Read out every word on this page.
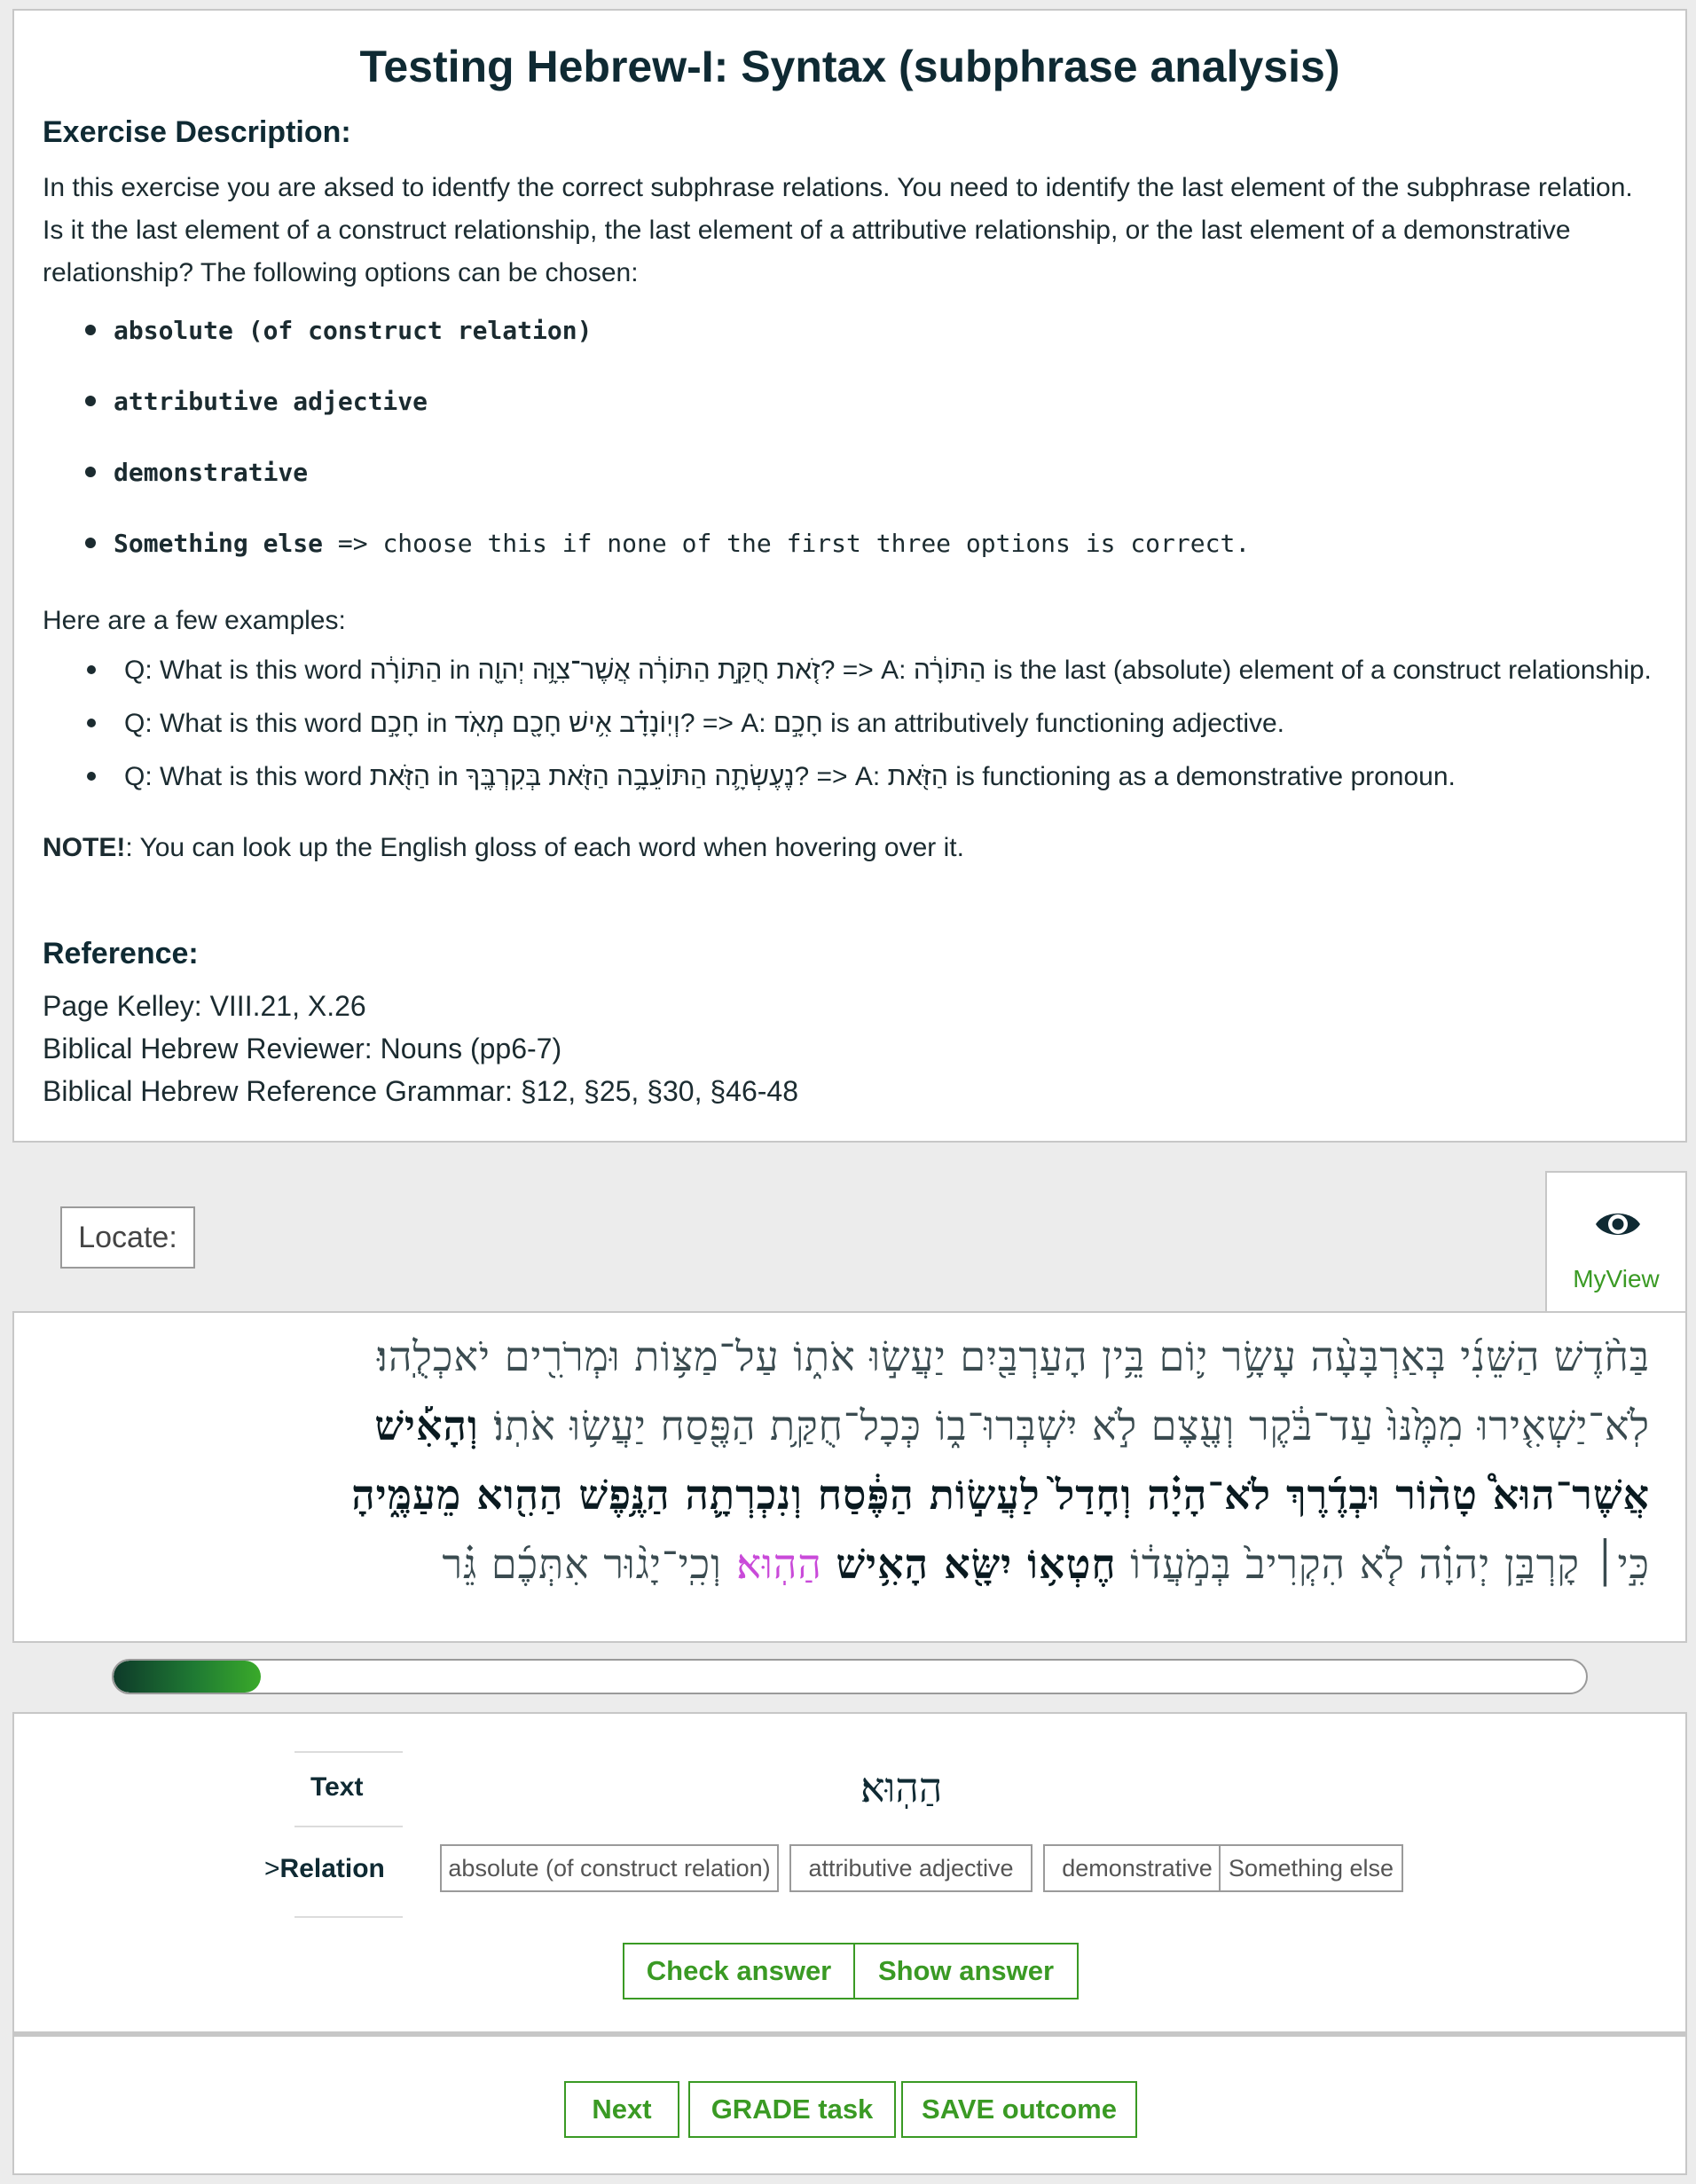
Testing Hebrew-I: Syntax (subphrase analysis)
Exercise Description:
In this exercise you are aksed to identfy the correct subphrase relations. You need to identify the last element of the subphrase relation.
Is it the last element of a construct relationship, the last element of a attributive relationship, or the last element of a demonstrative
relationship? The following options can be chosen:
absolute (of construct relation)
attributive adjective
demonstrative
Something else => choose this if none of the first three options is correct.
Here are a few examples:
Q: What is this word הַתּוֹרָ֔ה in זֹ֚את חֻקַּ֣ת הַתּוֹרָ֔ה אֲשֶׁר־צִוָּ֥ה יְהוָ֖ה? => A: הַתּוֹרָ֔ה is the last (absolute) element of a construct relationship.
Q: What is this word חָכָ֣ם in וְיֽוֹנָדָ֗ב אִ֥ישׁ חָכָ֖ם מְאֹֽד? => A: חָכָ֣ם is an attributively functioning adjective.
Q: What is this word הַזֹּ֖את in נֶעֶשְׂתָ֛ה הַתּוֹעֵבָ֥ה הַזֹּ֖את בְּקִרְבֶּֽךָ? => A: הַזֹּ֖את is functioning as a demonstrative pronoun.
NOTE!: You can look up the English gloss of each word when hovering over it.
Reference:
Page Kelley: VIII.21, X.26
Biblical Hebrew Reviewer: Nouns (pp6-7)
Biblical Hebrew Reference Grammar: §12, §25, §30, §46-48
Locate:
MyView
בַּחֹ֨דֶשׁ הַשֵּׁנִ֜י בְּאַרְבָּעָ֨ה עָשָׂ֥ר י֛וֹם בֵּ֥ין הָעַרְבַּ֖יִם יַעֲשׂ֣וּ אֹת֑וֹ עַל־מַצּ֥וֹת וּמְרֹרִ֖ים יֹאכְלֻֽהוּ׃
לֹֽא־יַשְׁאִ֤ירוּ מִמֶּ֙נּוּ֙ עַד־בֹּ֔קֶר וְעֶ֖צֶם לֹ֣א יִשְׁבְּרוּ־ב֑וֹ כְּכָל־חֻקַּ֥ת הַפֶּ֖סַח יַעֲשׂ֥וּ אֹתֽוֹ׃ וְהָאִ֡ישׁ
אֲשֶׁר־הוּא֩ טָה֨וֹר וּבְדֶ֜רֶךְ לֹא־הָיָ֗ה וְחָדַל֙ לַעֲשׂ֣וֹת הַפֶּ֔סַח וְנִכְרְתָ֛ה הַנֶּ֥פֶשׁ הַהִ֖וא מֵעַמֶּ֑יהָ
כִּ֣י׀ קָרְבַּ֣ן יְהוָ֗ה לֹ֤א הִקְרִיב֙ בְּמֹ֣עֲד֔וֹ חֶטְא֥וֹ יִשָּׂ֖א הָאִ֥ישׁ הַהֽוּא׃ וְכִֽי־יָג֨וּר אִתְּכֶ֜ם גֵּ֗ר
Text	הַהֽוּא׃
>Relation	absolute (of construct relation)	attributive adjective	demonstrative Something else
Check answer	Show answer
Next	GRADE task	SAVE outcome
